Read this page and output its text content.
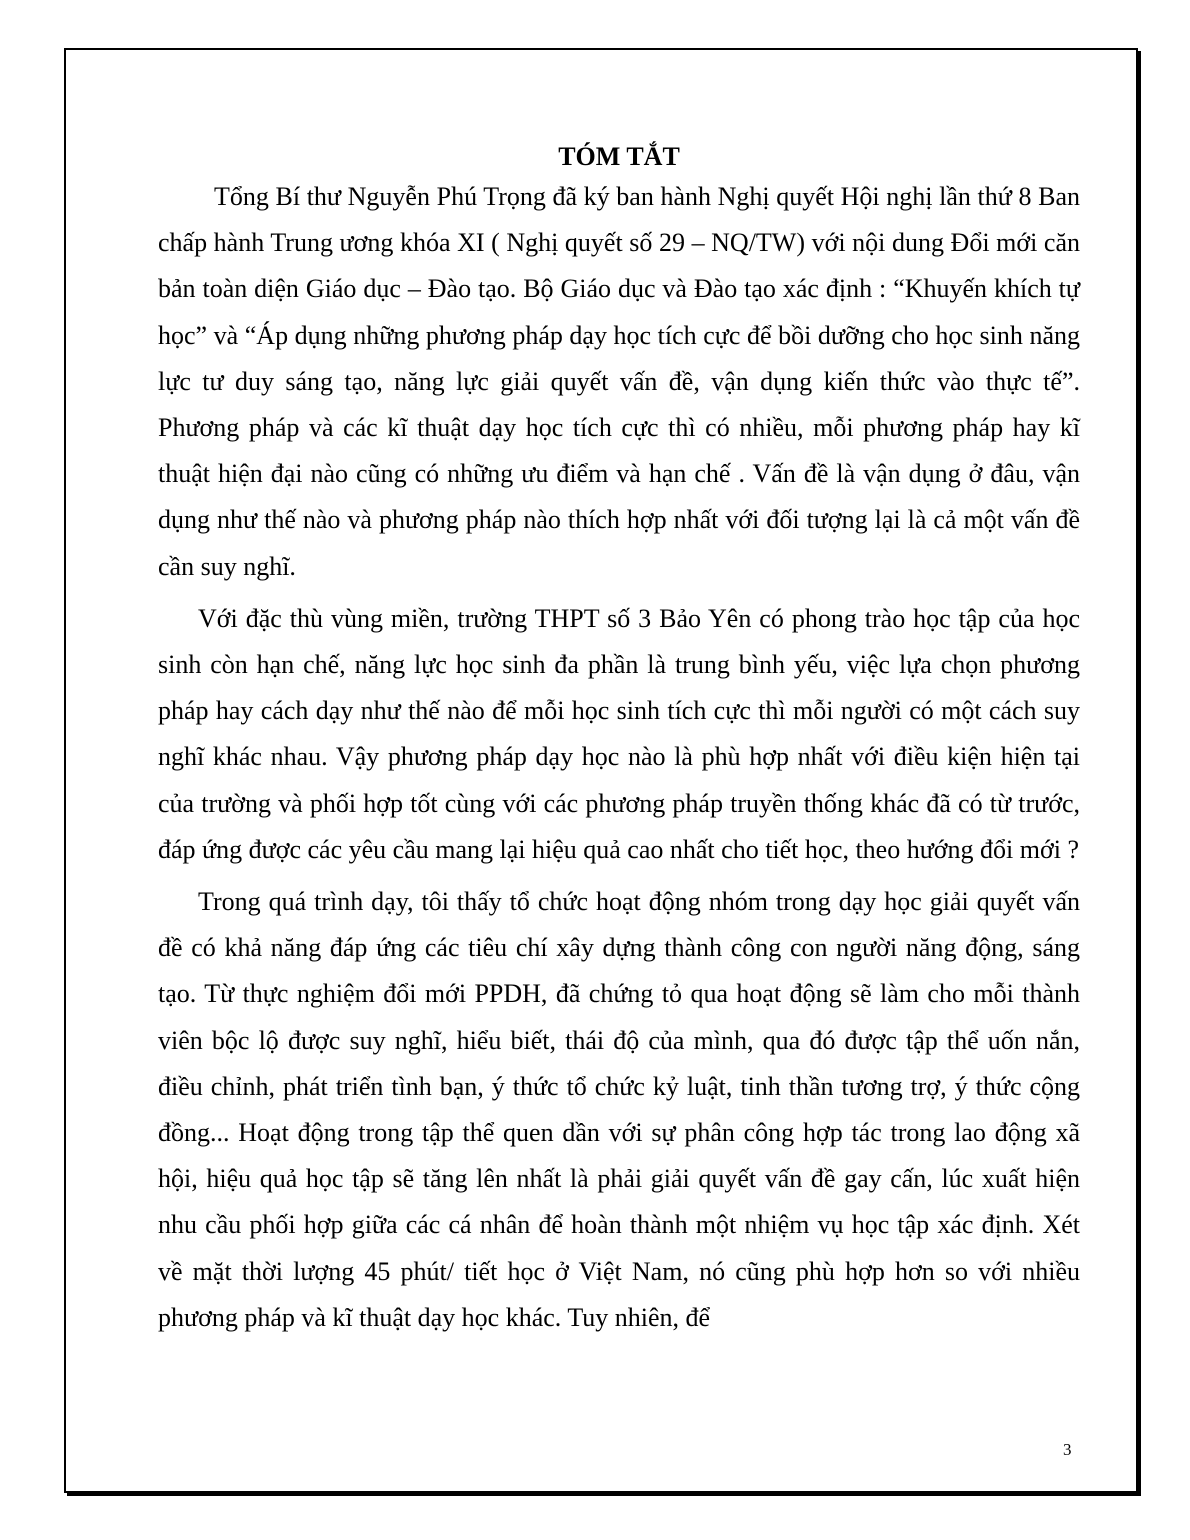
TÓM TẮT

Tổng Bí thư Nguyễn Phú Trọng đã ký ban hành Nghị quyết Hội nghị lần thứ 8 Ban chấp hành Trung ương khóa XI ( Nghị quyết số 29 – NQ/TW) với nội dung Đổi mới căn bản toàn diện Giáo dục – Đào tạo. Bộ Giáo dục và Đào tạo xác định : “Khuyến khích tự học” và “Áp dụng những phương pháp dạy học tích cực để bồi dưỡng cho học sinh năng lực tư duy sáng tạo, năng lực giải quyết vấn đề, vận dụng kiến thức vào thực tế”. Phương pháp và các kĩ thuật dạy học tích cực thì có nhiều, mỗi phương pháp hay kĩ thuật hiện đại nào cũng có những ưu điểm và hạn chế . Vấn đề là vận dụng ở đâu, vận dụng như thế nào và phương pháp nào thích hợp nhất với đối tượng lại là cả một vấn đề cần suy nghĩ.

Với đặc thù vùng miền, trường THPT số 3 Bảo Yên có phong trào học tập của học sinh còn hạn chế, năng lực học sinh đa phần là trung bình yếu, việc lựa chọn phương pháp hay cách dạy như thế nào để mỗi học sinh tích cực thì mỗi người có một cách suy nghĩ khác nhau. Vậy phương pháp dạy học nào là phù hợp nhất với điều kiện hiện tại của trường và phối hợp tốt cùng với các phương pháp truyền thống khác đã có từ trước, đáp ứng được các yêu cầu mang lại hiệu quả cao nhất cho tiết học, theo hướng đổi mới ?

Trong quá trình dạy, tôi thấy tổ chức hoạt động nhóm trong dạy học giải quyết vấn đề có khả năng đáp ứng các tiêu chí xây dựng thành công con người năng động, sáng tạo. Từ thực nghiệm đổi mới PPDH, đã chứng tỏ qua hoạt động sẽ làm cho mỗi thành viên bộc lộ được suy nghĩ, hiểu biết, thái độ của mình, qua đó được tập thể uốn nắn, điều chỉnh, phát triển tình bạn, ý thức tổ chức kỷ luật, tinh thần tương trợ, ý thức cộng đồng... Hoạt động trong tập thể quen dần với sự phân công hợp tác trong lao động xã hội, hiệu quả học tập sẽ tăng lên nhất là phải giải quyết vấn đề gay cấn, lúc xuất hiện nhu cầu phối hợp giữa các cá nhân để hoàn thành một nhiệm vụ học tập xác định. Xét về mặt thời lượng 45 phút/ tiết học ở Việt Nam, nó cũng phù hợp hơn so với nhiều phương pháp và kĩ thuật dạy học khác. Tuy nhiên, để

3
